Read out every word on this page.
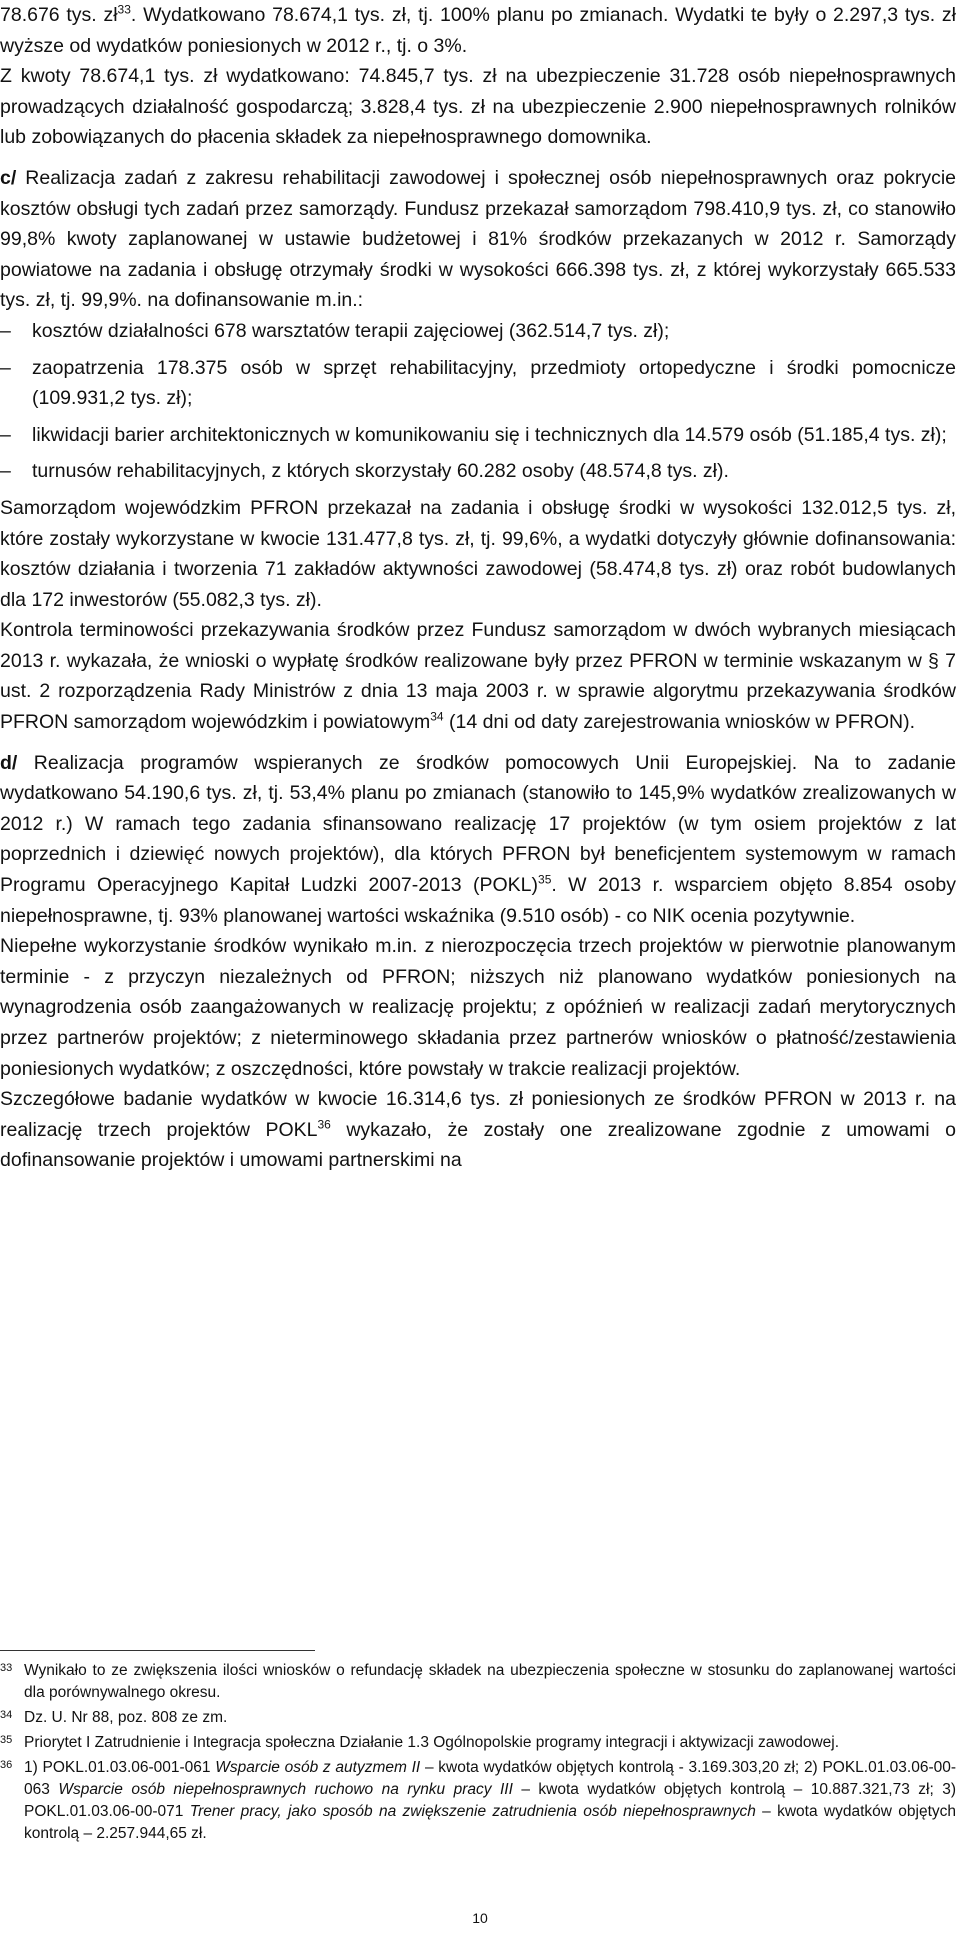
78.676 tys. $zł^{33}$. Wydatkowano 78.674,1 tys. zł, tj. 100% planu po zmianach. Wydatki te były o 2.297,3 tys. zł wyższe od wydatków poniesionych w 2012 r., tj. o 3%.

Z kwoty 78.674,1 tys. zł wydatkowano: 74.845,7 tys. zł na ubezpieczenie 31.728 osób niepełnosprawnych prowadzących działalność gospodarczą; 3.828,4 tys. zł na ubezpieczenie 2.900 niepełnosprawnych rolników lub zobowiązanych do płacenia składek za niepełnosprawnego domownika.

c/ Realizacja zadań z zakresu rehabilitacji zawodowej i społecznej osób niepełnosprawnych oraz pokrycie kosztów obsługi tych zadań przez samorządy. Fundusz przekazał samorządom 798.410,9 tys. zł, co stanowiło 99,8% kwoty zaplanowanej w ustawie budżetowej i 81% środków przekazanych w 2012 r. Samorządy powiatowe na zadania i obsługę otrzymały środki w wysokości 666.398 tys. zł, z której wykorzystały 665.533 tys. zł, tj. 99,9%. na dofinansowanie m.in.:

– kosztów działalności 678 warsztatów terapii zajęciowej (362.514,7 tys. zł);
– zaopatrzenia 178.375 osób w sprzęt rehabilitacyjny, przedmioty ortopedyczne i środki pomocnicze (109.931,2 tys. zł);
– likwidacji barier architektonicznych w komunikowaniu się i technicznych dla 14.579 osób (51.185,4 tys. zł);
– turnusów rehabilitacyjnych, z których skorzystały 60.282 osoby (48.574,8 tys. zł).

Samorządom wojewódzkim PFRON przekazał na zadania i obsługę środki w wysokości 132.012,5 tys. zł, które zostały wykorzystane w kwocie 131.477,8 tys. zł, tj. 99,6%, a wydatki dotyczyły głównie dofinansowania: kosztów działania i tworzenia 71 zakładów aktywności zawodowej (58.474,8 tys. zł) oraz robót budowlanych dla 172 inwestorów (55.082,3 tys. zł).

Kontrola terminowości przekazywania środków przez Fundusz samorządom w dwóch wybranych miesiącach 2013 r. wykazała, że wnioski o wypłatę środków realizowane były przez PFRON w terminie wskazanym w § 7 ust. 2 rozporządzenia Rady Ministrów z dnia 13 maja 2003 r. w sprawie algorytmu przekazywania środków PFRON samorządom wojewódzkim i powiatowym$^{34}$ (14 dni od daty zarejestrowania wniosków w PFRON).

d/ Realizacja programów wspieranych ze środków pomocowych Unii Europejskiej. Na to zadanie wydatkowano 54.190,6 tys. zł, tj. 53,4% planu po zmianach (stanowiło to 145,9% wydatków zrealizowanych w 2012 r.) W ramach tego zadania sfinansowano realizację 17 projektów (w tym osiem projektów z lat poprzednich i dziewięć nowych projektów), dla których PFRON był beneficjentem systemowym w ramach Programu Operacyjnego Kapitał Ludzki 2007-2013 (POKL)$^{35}$. W 2013 r. wsparciem objęto 8.854 osoby niepełnosprawne, tj. 93% planowanej wartości wskaźnika (9.510 osób) - co NIK ocenia pozytywnie.

Niepełne wykorzystanie środków wynikało m.in. z nierozpoczęcia trzech projektów w pierwotnie planowanym terminie - z przyczyn niezależnych od PFRON; niższych niż planowano wydatków poniesionych na wynagrodzenia osób zaangażowanych w realizację projektu; z opóźnień w realizacji zadań merytorycznych przez partnerów projektów; z nieterminowego składania przez partnerów wniosków o płatność/zestawienia poniesionych wydatków; z oszczędności, które powstały w trakcie realizacji projektów.

Szczegółowe badanie wydatków w kwocie 16.314,6 tys. zł poniesionych ze środków PFRON w 2013 r. na realizację trzech projektów POKL$^{36}$ wykazało, że zostały one zrealizowane zgodnie z umowami o dofinansowanie projektów i umowami partnerskimi na

33 Wynikało to ze zwiększenia ilości wniosków o refundację składek na ubezpieczenia społeczne w stosunku do zaplanowanej wartości dla porównywalnego okresu.

34 Dz. U. Nr 88, poz. 808 ze zm.

35 Priorytet I Zatrudnienie i Integracja społeczna Działanie 1.3 Ogólnopolskie programy integracji i aktywizacji zawodowej.

36 1) POKL.01.03.06-001-061 Wsparcie osób z autyzmem II – kwota wydatków objętych kontrolą - 3.169.303,20 zł; 2) POKL.01.03.06-00-063 Wsparcie osób niepełnosprawnych ruchowo na rynku pracy III – kwota wydatków objętych kontrolą – 10.887.321,73 zł; 3) POKL.01.03.06-00-071 Trener pracy, jako sposób na zwiększenie zatrudnienia osób niepełnosprawnych – kwota wydatków objętych kontrolą – 2.257.944,65 zł.

10
